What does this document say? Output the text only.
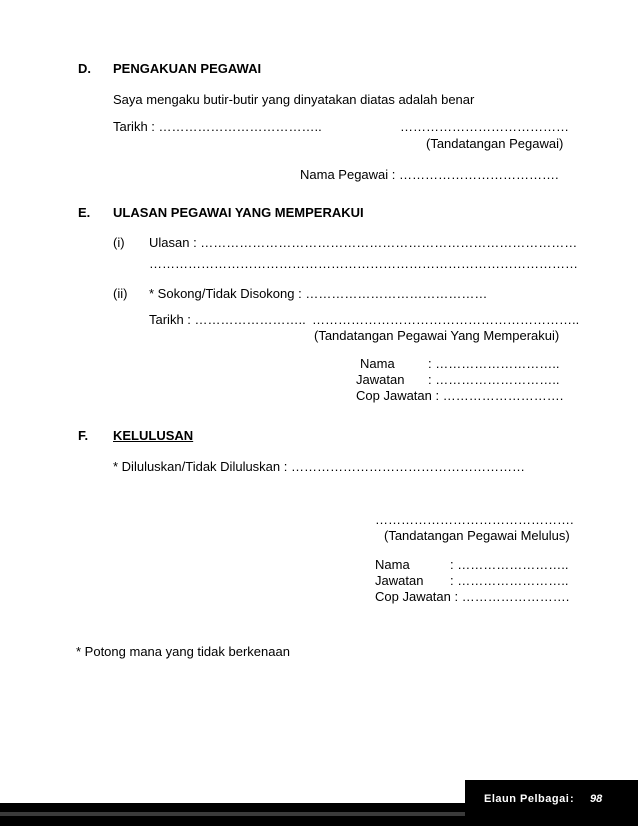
D. PENGAKUAN PEGAWAI
Saya mengaku butir-butir yang dinyatakan diatas adalah benar
Tarikh : ………………………………..	…………………………………
(Tandatangan Pegawai)
Nama Pegawai : ……………………………….
E. ULASAN PEGAWAI YANG MEMPERAKUI
(i) Ulasan : ……………………………………………………………………………
………………………………………………………………………………………
(ii) * Sokong/Tidak Disokong : ……………………………………
Tarikh : …………………….. ……………………………………………………..
(Tandatangan Pegawai Yang Memperakui)
Nama	: ………………………..
Jawatan : ………………………..
Cop Jawatan : ……………………….
F. KELULUSAN
* Diluluskan/Tidak Diluluskan : ………………………………………………
……………………………………….
(Tandatangan Pegawai Melulus)
Nama	: ……………………..
Jawatan : ……………………..
Cop Jawatan : …………………….
* Potong mana yang tidak berkenaan
Elaun Pelbagai : 98
